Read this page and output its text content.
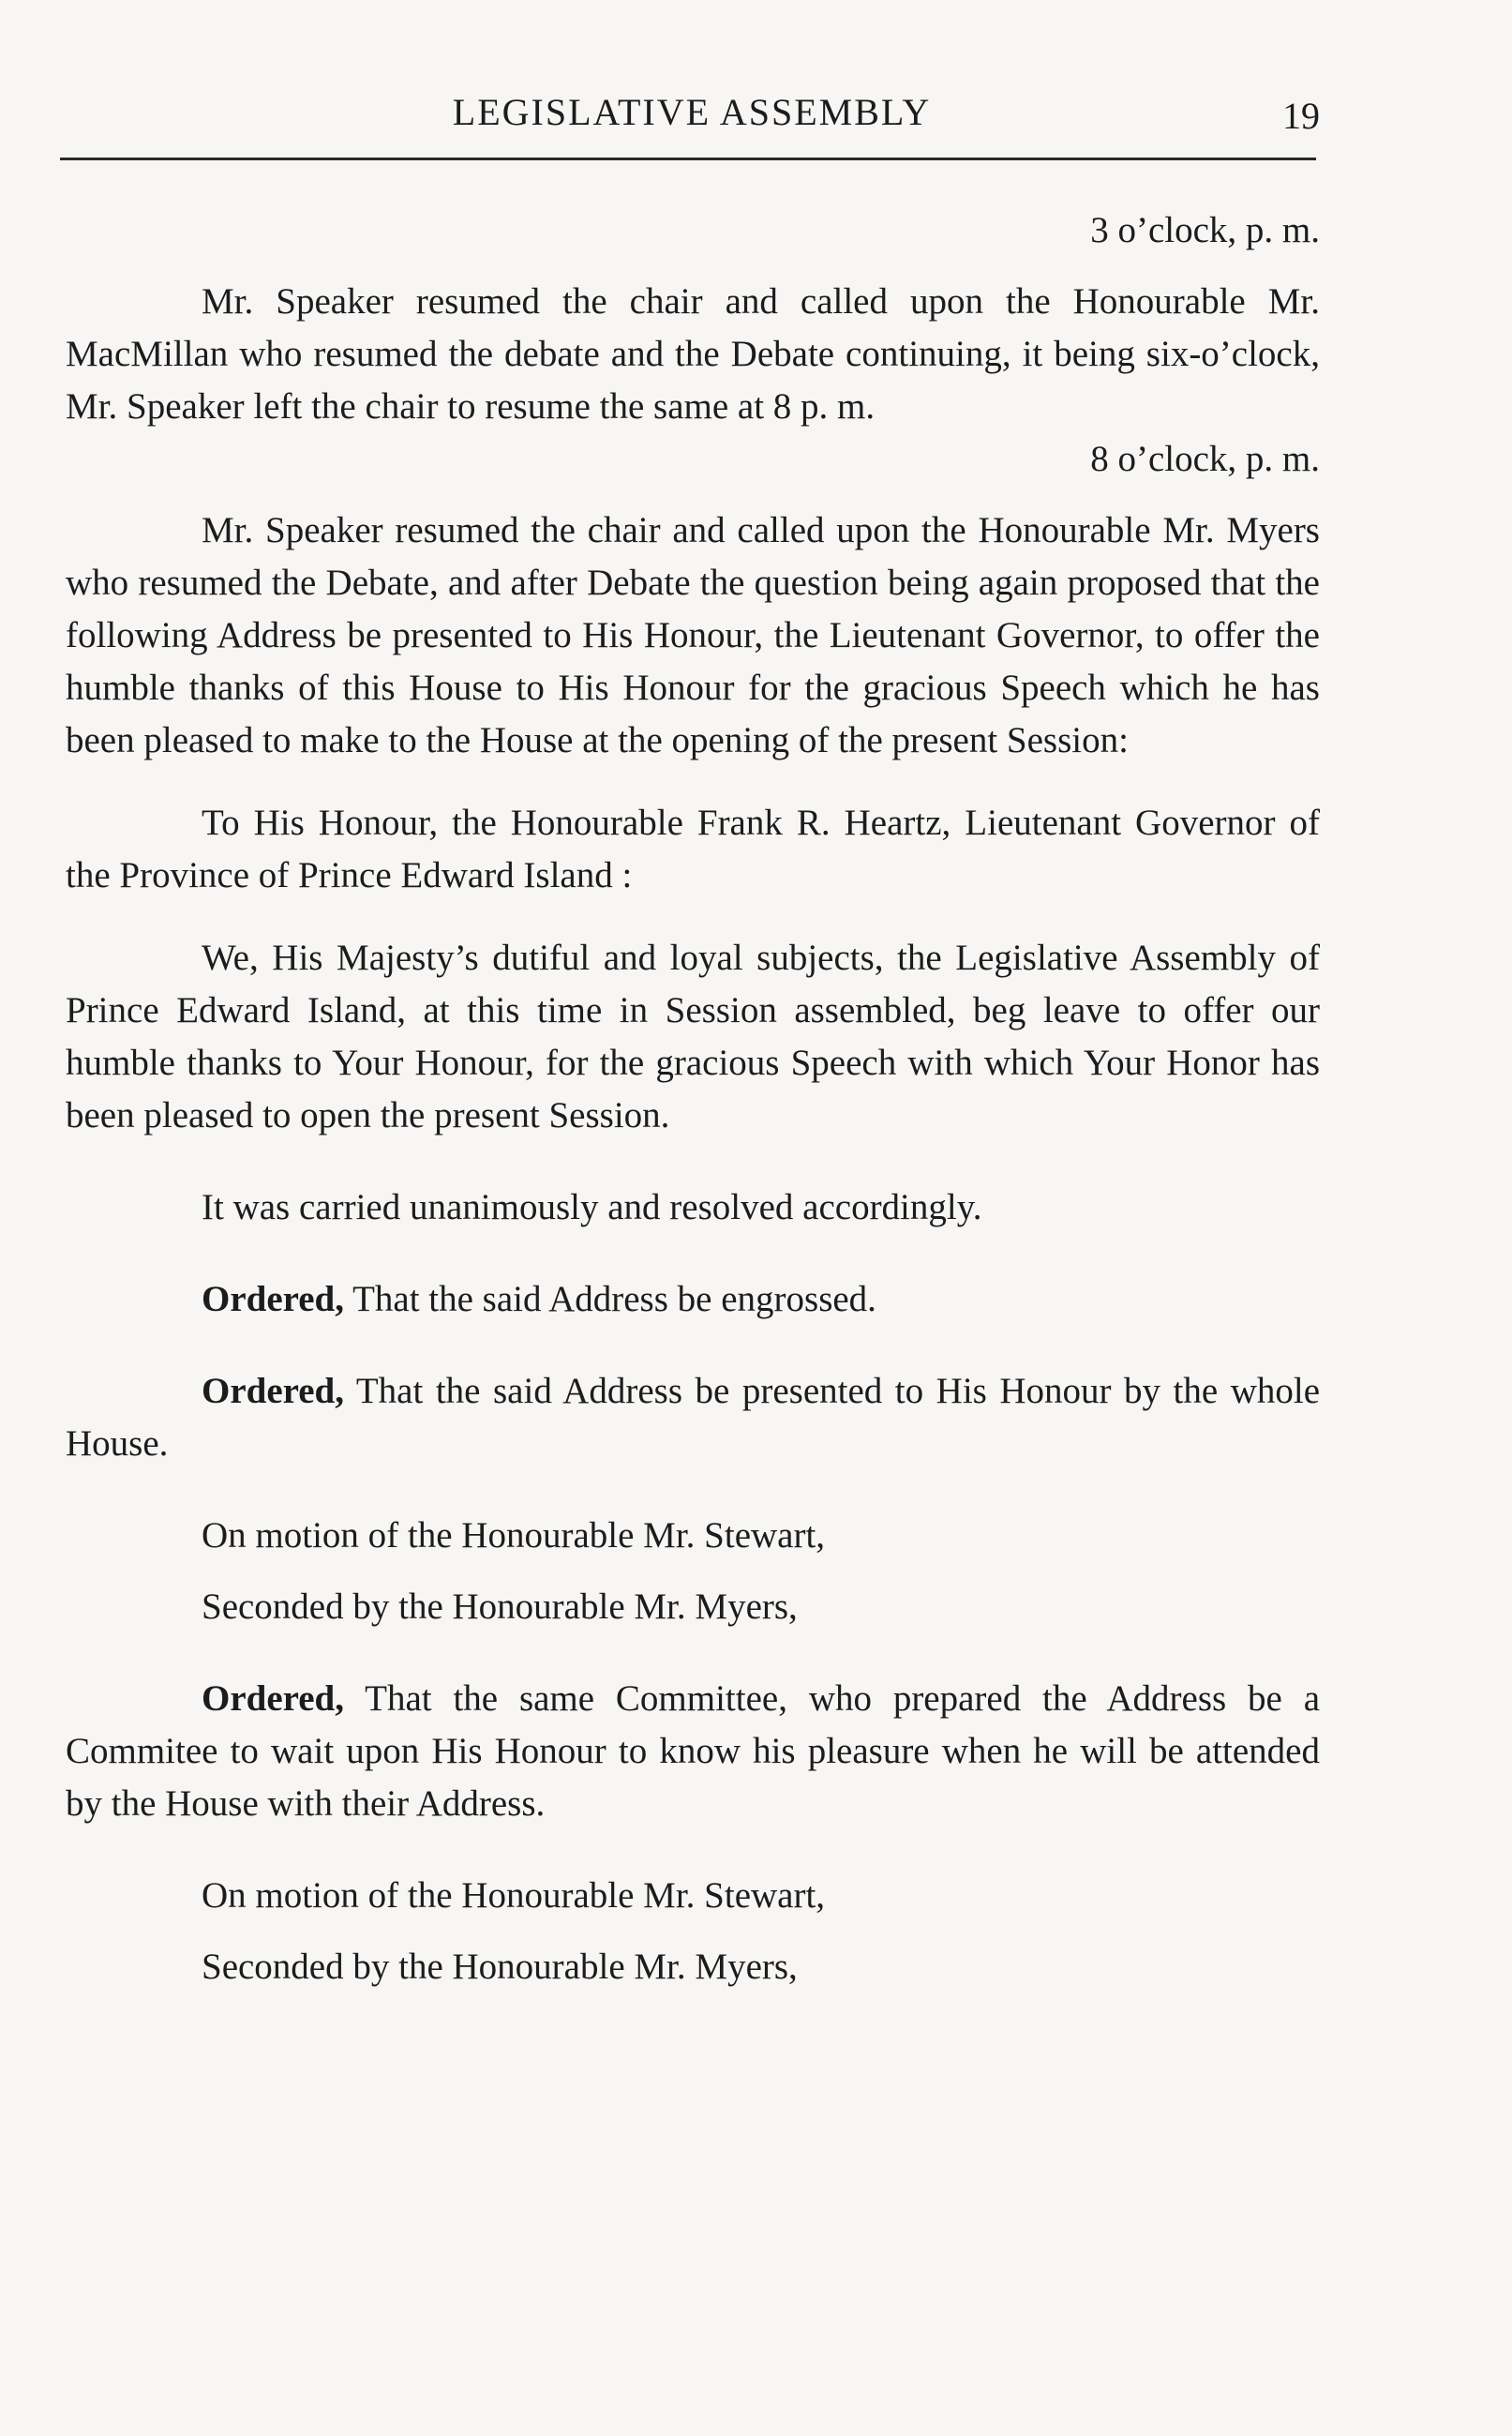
LEGISLATIVE ASSEMBLY	19

3 o’clock, p. m.

Mr. Speaker resumed the chair and called upon the Honourable Mr. MacMillan who resumed the debate and the Debate continuing, it being six-o’clock, Mr. Speaker left the chair to resume the same at 8 p. m.

8 o’clock, p. m.

Mr. Speaker resumed the chair and called upon the Honourable Mr. Myers who resumed the Debate, and after Debate the question being again proposed that the following Address be presented to His Honour, the Lieutenant Governor, to offer the humble thanks of this House to His Honour for the gracious Speech which he has been pleased to make to the House at the opening of the present Session:

To His Honour, the Honourable Frank R. Heartz, Lieutenant Governor of the Province of Prince Edward Island :

We, His Majesty’s dutiful and loyal subjects, the Legislative Assembly of Prince Edward Island, at this time in Session assembled, beg leave to offer our humble thanks to Your Honour, for the gracious Speech with which Your Honor has been pleased to open the present Session.

It was carried unanimously and resolved accordingly.

Ordered, That the said Address be engrossed.

Ordered, That the said Address be presented to His Honour by the whole House.

On motion of the Honourable Mr. Stewart,

Seconded by the Honourable Mr. Myers,

Ordered, That the same Committee, who prepared the Address be a Commitee to wait upon His Honour to know his pleasure when he will be attended by the House with their Address.

On motion of the Honourable Mr. Stewart,

Seconded by the Honourable Mr. Myers,
